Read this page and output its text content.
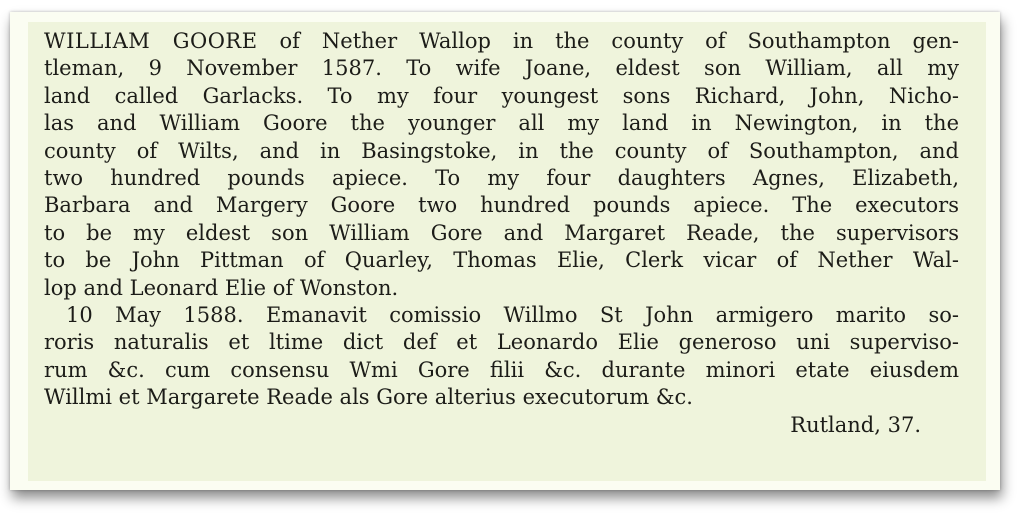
WILLIAM GOORE of Nether Wallop in the county of Southampton gen-
tleman, 9 November 1587. To wife Joane, eldest son William, all my
land called Garlacks. To my four youngest sons Richard, John, Nicho-
las and William Goore the younger all my land in Newington, in the
county of Wilts, and in Basingstoke, in the county of Southampton, and
two hundred pounds apiece. To my four daughters Agnes, Elizabeth,
Barbara and Margery Goore two hundred pounds apiece. The executors
to be my eldest son William Gore and Margaret Reade, the supervisors
to be John Pittman of Quarley, Thomas Elie, Clerk vicar of Nether Wal-
lop and Leonard Elie of Wonston.
10 May 1588. Emanavit comissio Willmo St John armigero marito so-
roris naturalis et ltime dict def et Leonardo Elie generoso uni superviso-
rum &c. cum consensu Wmi Gore filii &c. durante minori etate eiusdem
Willmi et Margarete Reade als Gore alterius executorum &c.
Rutland, 37.
